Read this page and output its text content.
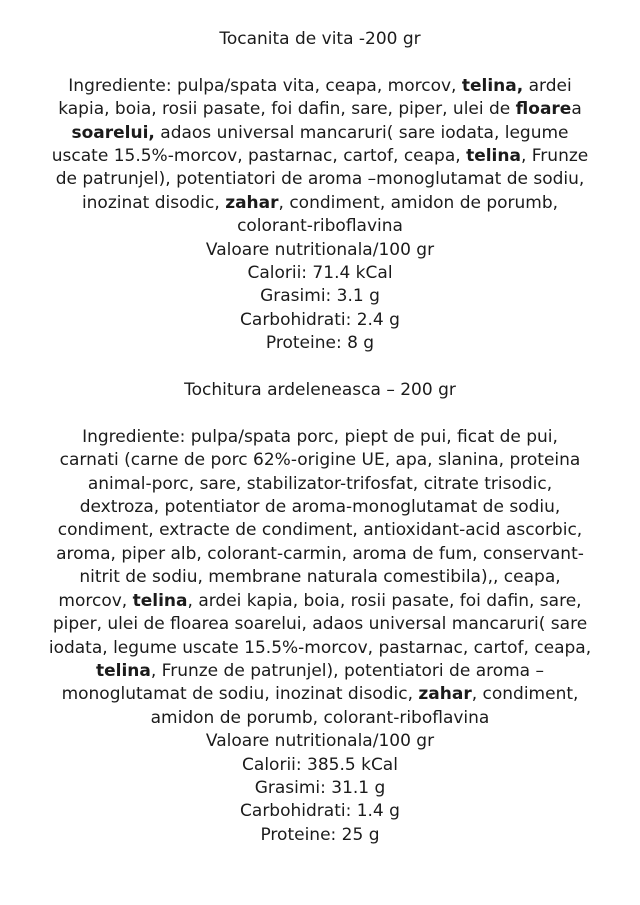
Tocanita de vita -200 gr
Ingrediente: pulpa/spata vita, ceapa, morcov, telina, ardei
kapia, boia, rosii pasate, foi dafin, sare, piper, ulei de floarea
soarelui, adaos universal mancaruri( sare iodata, legume
uscate 15.5%-morcov, pastarnac, cartof, ceapa, telina, Frunze
de patrunjel), potentiatori de aroma –monoglutamat de sodiu,
inozinat disodic, zahar, condiment, amidon de porumb,
colorant-riboflavina
Valoare nutritionala/100 gr
Calorii: 71.4 kCal
Grasimi: 3.1 g
Carbohidrati: 2.4 g
Proteine: 8 g
Tochitura ardeleneasca – 200 gr
Ingrediente: pulpa/spata porc, piept de pui, ficat de pui,
carnati (carne de porc 62%-origine UE, apa, slanina, proteina
animal-porc, sare, stabilizator-trifosfat, citrate trisodic,
dextroza, potentiator de aroma-monoglutamat de sodiu,
condiment, extracte de condiment, antioxidant-acid ascorbic,
aroma, piper alb, colorant-carmin, aroma de fum, conservant-
nitrit de sodiu, membrane naturala comestibila),, ceapa,
morcov, telina, ardei kapia, boia, rosii pasate, foi dafin, sare,
piper, ulei de floarea soarelui, adaos universal mancaruri( sare
iodata, legume uscate 15.5%-morcov, pastarnac, cartof, ceapa,
telina, Frunze de patrunjel), potentiatori de aroma –
monoglutamat de sodiu, inozinat disodic, zahar, condiment,
amidon de porumb, colorant-riboflavina
Valoare nutritionala/100 gr
Calorii: 385.5 kCal
Grasimi: 31.1 g
Carbohidrati: 1.4 g
Proteine: 25 g
